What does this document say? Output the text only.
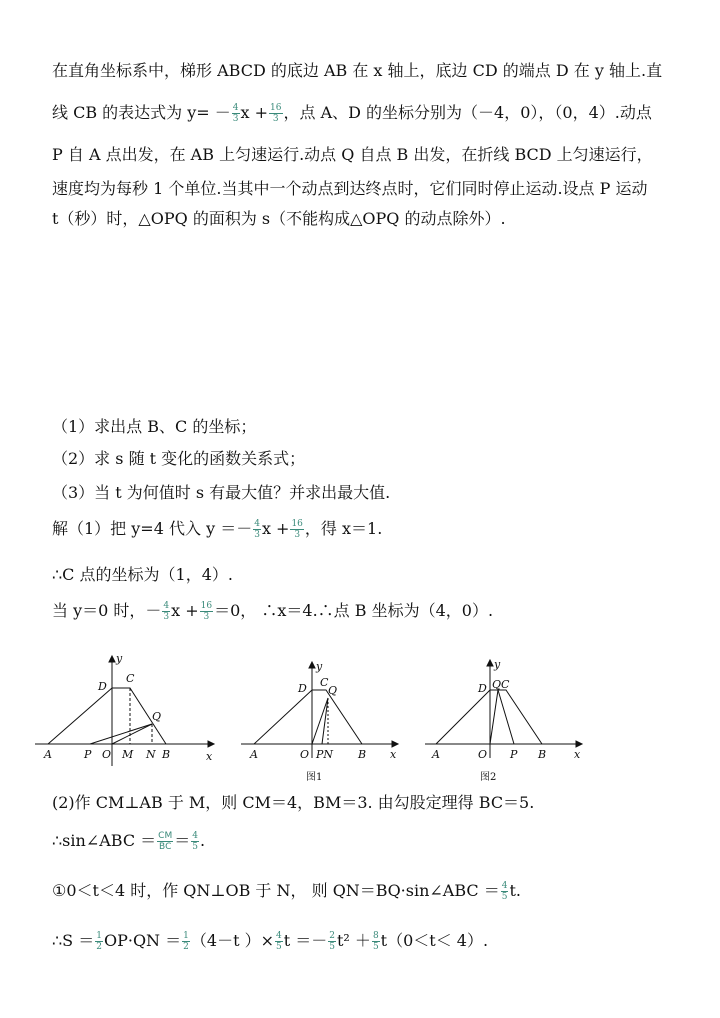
在直角坐标系中，梯形 ABCD 的底边 AB 在 x 轴上，底边 CD 的端点 D 在 y 轴上.直
线 CB 的表达式为 $y= - \frac{4}{3}$ $x + \frac{16}{3}$ ，点 A、D 的坐标分别为（－4，0），（0，4）.动点
P 自 A 点出发，在 AB 上匀速运行.动点 Q 自点 B 出发，在折线 BCD 上匀速运行，
速度均为每秒 1 个单位.当其中一个动点到达终点时，它们同时停止运动.设点 P 运动
t（秒）时，△OPQ 的面积为 s（不能构成△OPQ 的动点除外）.
（1）求出点 B、C 的坐标；
（2）求 s 随 t 变化的函数关系式；
（3）当 t 为何值时 s 有最大值？并求出最大值.
解（1）把 y=4 代入 $y =- \frac{4}{3}$ $x + \frac{16}{3}$ ，得 x＝1.
∴C 点的坐标为（1，4）.
当 y＝0 时，－ $\frac{4}{3}$ $x + \frac{16}{3} =0$， ∴x＝4.∴点 B 坐标为（4，0）.
y
x
D
C
Q
A	P O M N B
y
x
D C
Q
A	O PN B
图1
y
x
D QC
A	O P B
图2
(2)作 CM⊥AB 于 M，则 CM＝4，BM＝3. 由勾股定理得 BC＝5.
∴sin∠ABC ＝ $\frac{CM}{BC} = \frac{4}{5}$ .
①0＜t＜4 时，作 QN⊥OB 于 N， 则 QN＝BQ·sin∠ABC ＝ $\frac{4}{5} t$.
∴S ＝ $\frac{1}{2} OP\cdot QN = \frac{1}{2} (4-t$ ）× $\frac{4}{5}$ $t =- \frac{2}{5} t^2 + \frac{8}{5} t(0<t< 4)$.
